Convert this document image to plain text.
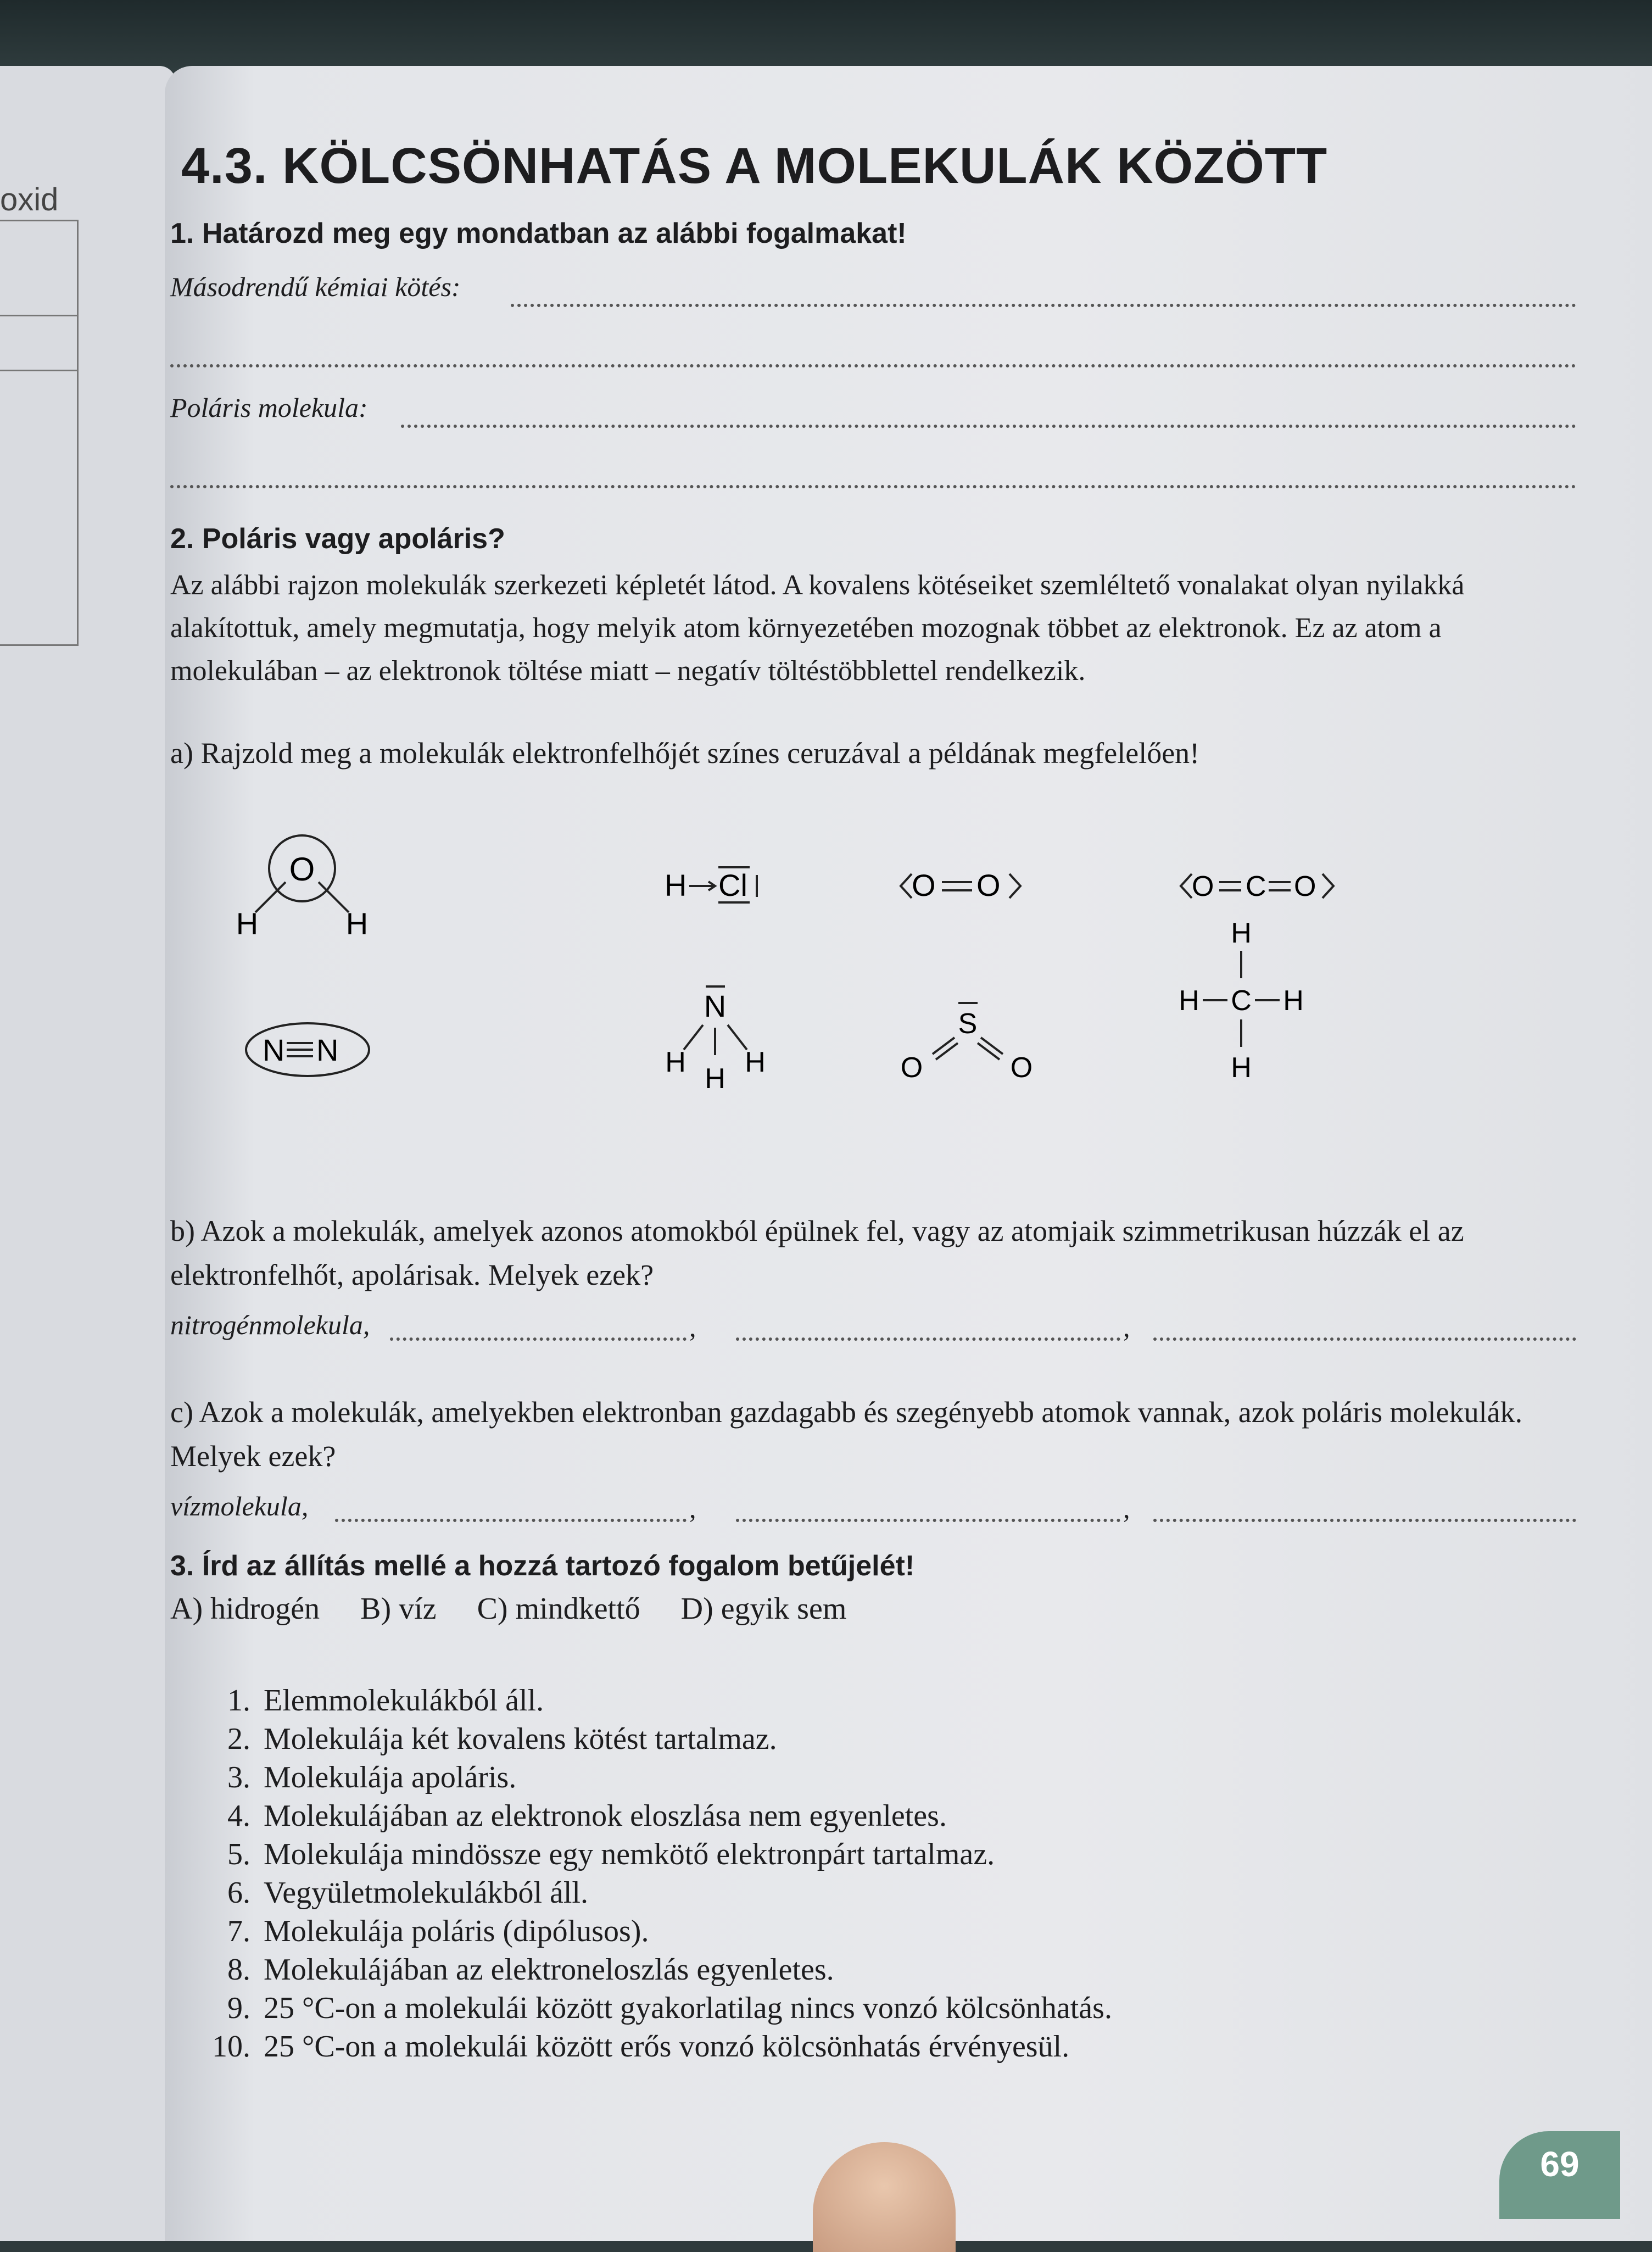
oxid
4.3. KÖLCSÖNHATÁS A MOLEKULÁK KÖZÖTT
1. Határozd meg egy mondatban az alábbi fogalmakat!
Másodrendű kémiai kötés:
Poláris molekula:
2. Poláris vagy apoláris?
Az alábbi rajzon molekulák szerkezeti képletét látod. A kovalens kötéseiket szemléltető vonalakat olyan nyilakká alakítottuk, amely megmutatja, hogy melyik atom környezetében mozognak többet az elektronok. Ez az atom a molekulában – az elektronok töltése miatt – negatív töltéstöbblettel rendelkezik.
a) Rajzold meg a molekulák elektronfelhőjét színes ceruzával a példának megfelelően!
O
H	H
H Cl	O O	O C O
N N
N
H
H
H
S
O	O
H
H C H
H
b) Azok a molekulák, amelyek azonos atomokból épülnek fel, vagy az atomjaik szimmetrikusan húzzák el az elektronfelhőt, apolárisak. Melyek ezek?
nitrogénmolekula,	,	,
c) Azok a molekulák, amelyekben elektronban gazdagabb és szegényebb atomok vannak, azok poláris molekulák. Melyek ezek?
vízmolekula,	,	,
3. Írd az állítás mellé a hozzá tartozó fogalom betűjelét!
A) hidrogén B) víz C) mindkettő D) egyik sem
1. Elemmolekulákból áll.
2. Molekulája két kovalens kötést tartalmaz.
3. Molekulája apoláris.
4. Molekulájában az elektronok eloszlása nem egyenletes.
5. Molekulája mindössze egy nemkötő elektronpárt tartalmaz.
6. Vegyületmolekulákból áll.
7. Molekulája poláris (dipólusos).
8. Molekulájában az elektroneloszlás egyenletes.
9. 25 °C-on a molekulái között gyakorlatilag nincs vonzó kölcsönhatás.
10. 25 °C-on a molekulái között erős vonzó kölcsönhatás érvényesül.
69
